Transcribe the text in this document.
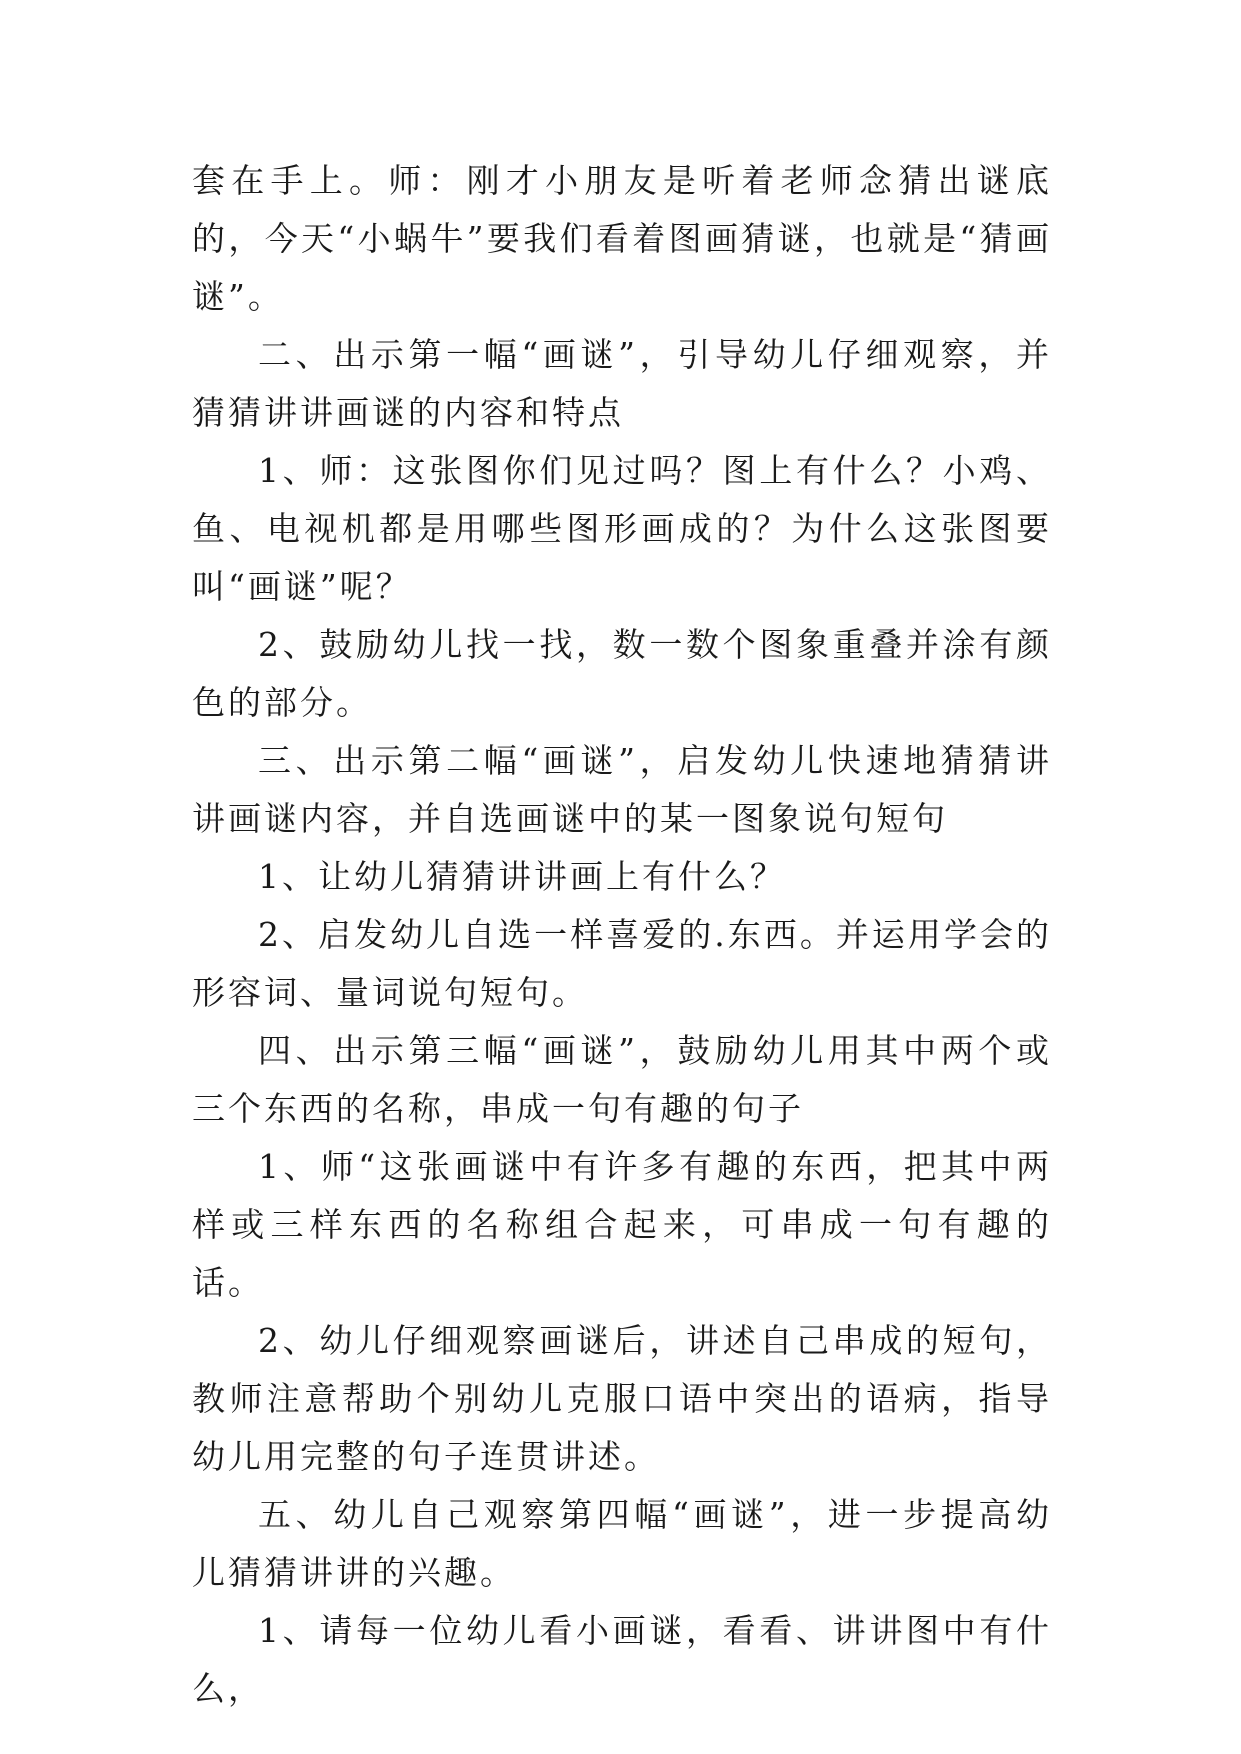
套在手上。师：刚才小朋友是听着老师念猜出谜底的，今天“小蜗牛”要我们看着图画猜谜，也就是“猜画谜”。

二、出示第一幅“画谜”，引导幼儿仔细观察，并猜猜讲讲画谜的内容和特点

1、师：这张图你们见过吗？图上有什么？小鸡、鱼、电视机都是用哪些图形画成的？为什么这张图要叫“画谜”呢？

2、鼓励幼儿找一找，数一数个图象重叠并涂有颜色的部分。

三、出示第二幅“画谜”，启发幼儿快速地猜猜讲讲画谜内容，并自选画谜中的某一图象说句短句

1、让幼儿猜猜讲讲画上有什么？

2、启发幼儿自选一样喜爱的.东西。并运用学会的形容词、量词说句短句。

四、出示第三幅“画谜”，鼓励幼儿用其中两个或三个东西的名称，串成一句有趣的句子

1、师“这张画谜中有许多有趣的东西，把其中两样或三样东西的名称组合起来，可串成一句有趣的话。

2、幼儿仔细观察画谜后，讲述自己串成的短句，教师注意帮助个别幼儿克服口语中突出的语病，指导幼儿用完整的句子连贯讲述。

五、幼儿自己观察第四幅“画谜”，进一步提高幼儿猜猜讲讲的兴趣。

1、请每一位幼儿看小画谜，看看、讲讲图中有什么，
